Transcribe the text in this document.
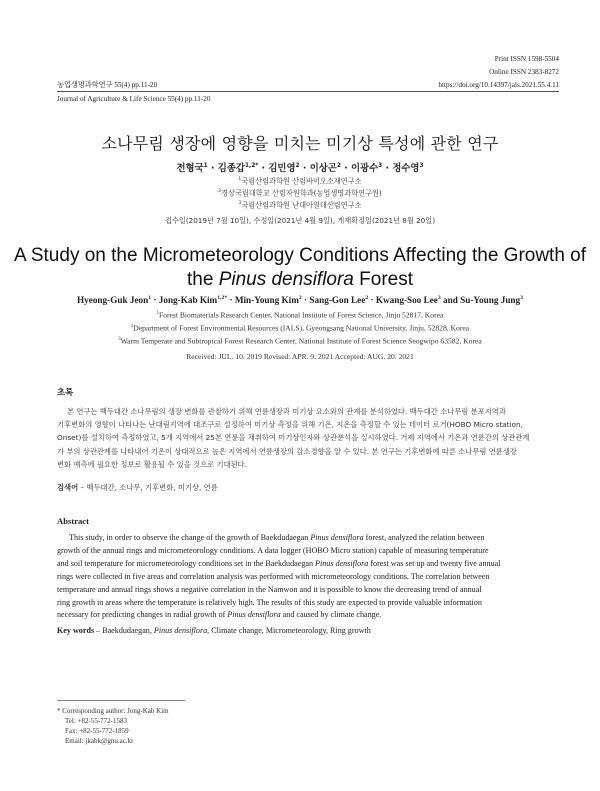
Print ISSN 1598-5504
Online ISSN 2383-8272
농업생명과학연구 55(4) pp.11-20	https://doi.org/10.14397/jals.2021.55.4.11
Journal of Agriculture & Life Science 55(4) pp.11-20
소나무림 생장에 영향을 미치는 미기상 특성에 관한 연구
전형국$^1$ · 김종갑$^{1,2*}$ · 김민영$^2$ · 이상곤$^2$ · 이광수$^3$ · 정수영$^3$
$^1$국립산림과학원 산림바이오소재연구소
$^2$경상국립대학교 산림자원학과(농업생명과학연구원)
$^3$국립산림과학원 난대아열대산림연구소
접수일(2019년 7월 10일), 수정일(2021년 4월 9일), 게재확정일(2021년 8월 20일)
A Study on the Micrometeorology Conditions Affecting the Growth of
the Pinus densiflora Forest
Hyeong-Guk Jeon$^1$ · Jong-Kab Kim$^{1,2*}$ · Min-Young Kim$^2$ · Sang-Gon Lee$^2$ · Kwang-Soo Lee$^3$ and Su-Young Jung$^3$
$^1$Forest Biomaterials Research Center, National Institute of Forest Science, Jinju 52817, Korea
$^2$Department of Forest Environmental Resources (IALS), Gyeongsang National University, Jinju, 52828, Korea
$^3$Warm Temperate and Subtropical Forest Research Center, National Institute of Forest Science Seogwipo 63582, Korea
Received: JUL. 10. 2019 Revised: APR. 9. 2021 Accepted: AUG. 20. 2021
초록
본 연구는 백두대간 소나무림의 생장 변화를 관찰하기 위해 연륜생장과 미기상 요소와의 관계를 분석하였다. 백두대간 소나무림 분포지역과
기후변화의 영향이 나타나는 난대림지역에 대조구로 설정하여 미기상 측정을 위해 기온, 지온을 측정할 수 있는 데이터 로거(HOBO Micro station,
Onset)를 설치하여 측정하였고, 5개 지역에서 25본 연륜을 채취하여 미기상인자와 상관분석을 실시하였다. 거제 지역에서 기온과 연륜간의 상관관계
가 부의 상관관계를 나타내어 기온이 상대적으로 높은 지역에서 연륜생장의 감소경향을 알 수 있다. 본 연구는 기후변화에 따른 소나무림 연륜생장
변화 예측에 필요한 정보로 활용될 수 있을 것으로 기대된다.
검색어 – 백두대간, 소나무, 기후변화, 미기상, 연륜
Abstract
This study, in order to observe the change of the growth of Baekdudaegan Pinus densiflora forest, analyzed the relation between
growth of the annual rings and micrometeorology conditions. A data logger (HOBO Micro station) capable of measuring temperature
and soil temperature for micrometeorology conditions set in the Baekdudaegan Pinus densiflora forest was set up and twenty five annual
rings were collected in five areas and correlation analysis was performed with micrometeorology conditions. The correlation between
temperature and annual rings shows a negative correlation in the Namwon and it is possible to know the decreasing trend of annual
ring growth in areas where the temperature is relatively high. The results of this study are expected to provide valuable information
necessary for predicting changes in radial growth of Pinus densiflora and caused by climate change.
Key words – Baekdudaegan, Pinus densiflora, Climate change, Micrometeorology, Ring growth
* Corresponding author: Jong-Kab Kim
Tel: +82-55-772-1583
Fax: +82-55-772-1859
Email: jkabk@gnu.ac.kr
